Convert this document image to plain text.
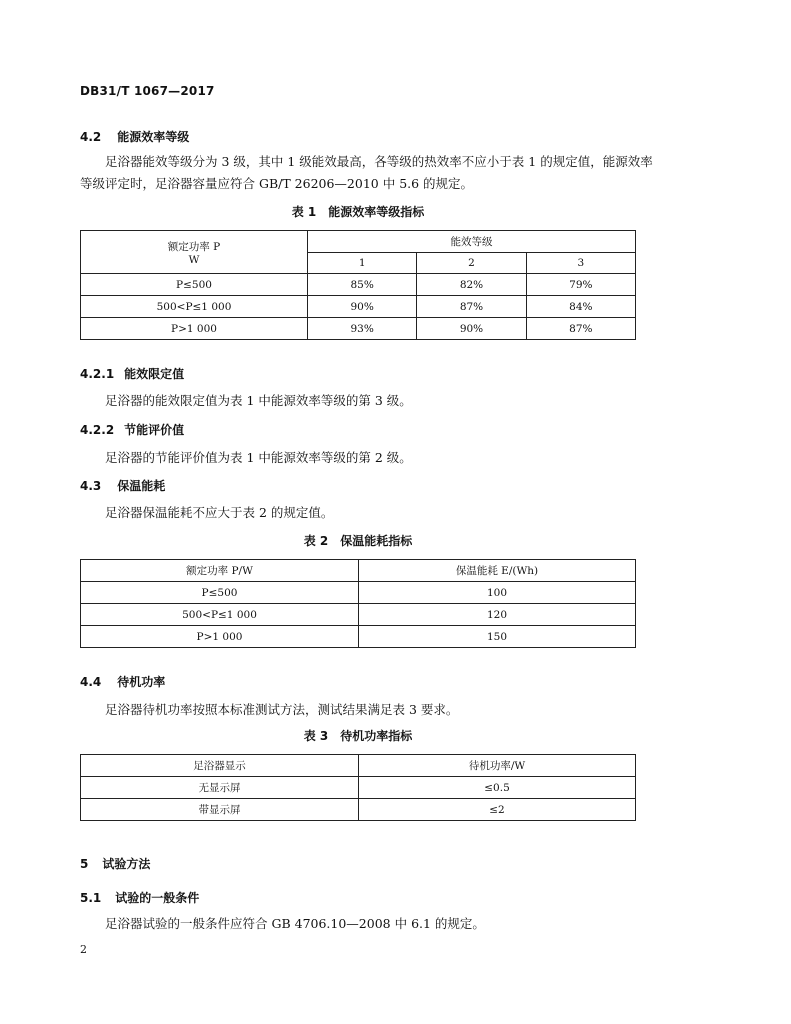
DB31/T 1067—2017
4.2 能源效率等级
足浴器能效等级分为 3 级，其中 1 级能效最高，各等级的热效率不应小于表 1 的规定值，能源效率
等级评定时，足浴器容量应符合 GB/T 26206—2010 中 5.6 的规定。
表 1　能源效率等级指标
额定功率 P
W	能效等级		
	1	2	3
P≤500	85%	82%	79%
500<P≤1 000	90%	87%	84%
P>1 000	93%	90%	87%
4.2.1 能效限定值
足浴器的能效限定值为表 1 中能源效率等级的第 3 级。
4.2.2 节能评价值
足浴器的节能评价值为表 1 中能源效率等级的第 2 级。
4.3 保温能耗
足浴器保温能耗不应大于表 2 的规定值。
表 2　保温能耗指标
额定功率 P/W	保温能耗 E/(Wh)
P≤500	100
500<P≤1 000	120
P>1 000	150
4.4 待机功率
足浴器待机功率按照本标准测试方法，测试结果满足表 3 要求。
表 3　待机功率指标
足浴器显示	待机功率/W
无显示屏	≤0.5
带显示屏	≤2
5 试验方法
5.1 试验的一般条件
足浴器试验的一般条件应符合 GB 4706.10—2008 中 6.1 的规定。
2
